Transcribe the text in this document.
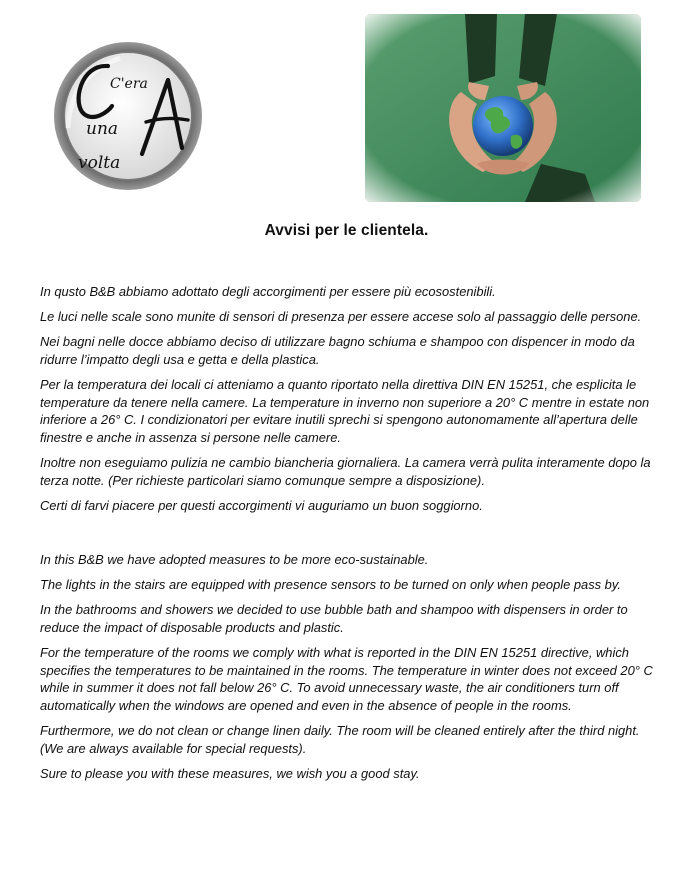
C'era
una
volta
Avvisi per le clientela.

In qusto B&B abbiamo adottato degli accorgimenti per essere più ecosostenibili.

Le luci nelle scale sono munite di sensori di presenza per essere accese solo al passaggio delle persone.

Nei bagni nelle docce abbiamo deciso di utilizzare bagno schiuma e shampoo con dispencer in modo da ridurre l’impatto degli usa e getta e della plastica.

Per la temperatura dei locali ci atteniamo a quanto riportato nella direttiva DIN EN 15251, che esplicita le temperature da tenere nella camere. La temperature in inverno non superiore a 20° C mentre in estate non inferiore a 26° C. I condizionatori per evitare inutili sprechi si spengono autonomamente all’apertura delle finestre e anche in assenza si persone nelle camere.

Inoltre non eseguiamo pulizia ne cambio biancheria giornaliera. La camera verrà pulita interamente dopo la terza notte. (Per richieste particolari siamo comunque sempre a disposizione).

Certi di farvi piacere per questi accorgimenti vi auguriamo un buon soggiorno.

In this B&B we have adopted measures to be more eco-sustainable.

The lights in the stairs are equipped with presence sensors to be turned on only when people pass by.

In the bathrooms and showers we decided to use bubble bath and shampoo with dispensers in order to reduce the impact of disposable products and plastic.

For the temperature of the rooms we comply with what is reported in the DIN EN 15251 directive, which specifies the temperatures to be maintained in the rooms. The temperature in winter does not exceed 20° C while in summer it does not fall below 26° C. To avoid unnecessary waste, the air conditioners turn off automatically when the windows are opened and even in the absence of people in the rooms.

Furthermore, we do not clean or change linen daily. The room will be cleaned entirely after the third night. (We are always available for special requests).

Sure to please you with these measures, we wish you a good stay.
